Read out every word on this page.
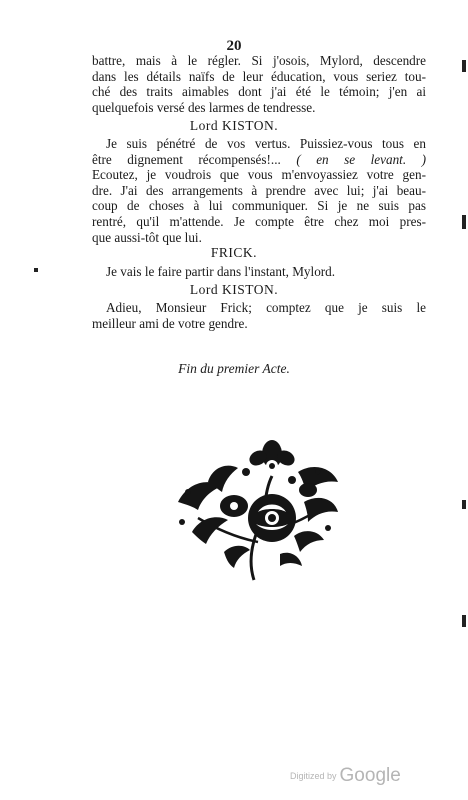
20
battre, mais à le régler. Si j'osois, Mylord, descendre
dans les détails naïfs de leur éducation, vous seriez tou-
ché des traits aimables dont j'ai été le témoin; j'en ai
quelquefois versé des larmes de tendresse.
Lord KISTON.
Je suis pénétré de vos vertus. Puissiez-vous tous en
être dignement récompensés!... ( en se levant. )
Ecoutez, je voudrois que vous m'envoyassiez votre gen-
dre. J'ai des arrangements à prendre avec lui; j'ai beau-
coup de choses à lui communiquer. Si je ne suis pas
rentré, qu'il m'attende. Je compte être chez moi pres-
que aussi-tôt que lui.
FRICK.
Je vais le faire partir dans l'instant, Mylord.
Lord KISTON.
Adieu, Monsieur Frick; comptez que je suis le
meilleur ami de votre gendre.
Fin du premier Acte.
Digitized by Google
